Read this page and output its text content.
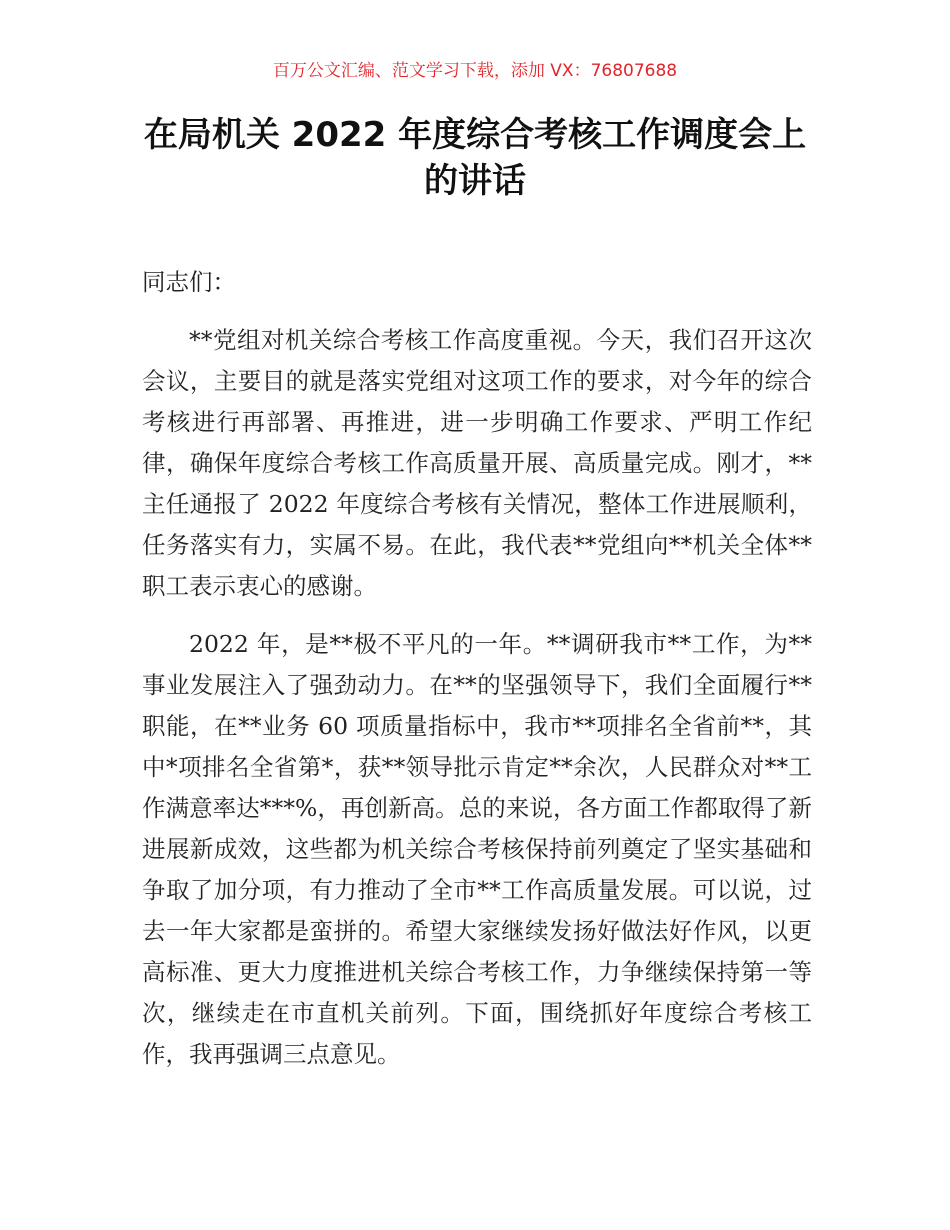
百万公文汇编、范文学习下载，添加 VX：76807688
在局机关 2022 年度综合考核工作调度会上的讲话

同志们：

**党组对机关综合考核工作高度重视。今天，我们召开这次会议，主要目的就是落实党组对这项工作的要求，对今年的综合考核进行再部署、再推进，进一步明确工作要求、严明工作纪律，确保年度综合考核工作高质量开展、高质量完成。刚才，**主任通报了 2022 年度综合考核有关情况，整体工作进展顺利，任务落实有力，实属不易。在此，我代表**党组向**机关全体**职工表示衷心的感谢。

2022 年，是**极不平凡的一年。**调研我市**工作，为**事业发展注入了强劲动力。在**的坚强领导下，我们全面履行**职能，在**业务 60 项质量指标中，我市**项排名全省前**，其中*项排名全省第*，获**领导批示肯定**余次，人民群众对**工作满意率达***%，再创新高。总的来说，各方面工作都取得了新进展新成效，这些都为机关综合考核保持前列奠定了坚实基础和争取了加分项，有力推动了全市**工作高质量发展。可以说，过去一年大家都是蛮拼的。希望大家继续发扬好做法好作风，以更高标准、更大力度推进机关综合考核工作，力争继续保持第一等次，继续走在市直机关前列。下面，围绕抓好年度综合考核工作，我再强调三点意见。
